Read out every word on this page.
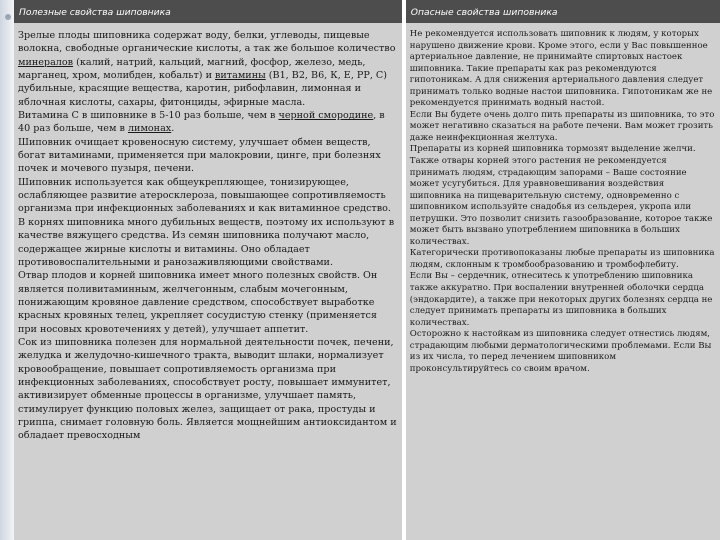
Полезные свойства шиповника	Опасные свойства шиповника
Зрелые плоды шиповника содержат воду, белки, углеводы, пищевые волокна, свободные органические кислоты, а так же большое количество минералов (калий, натрий, кальций, магний, фосфор, железо, медь, марганец, хром, молибден, кобальт) и витамины (В1, В2, В6, К, Е, РР, С) дубильные, красящие вещества, каротин, рибофлавин, лимонная и яблочная кислоты, сахары, фитонциды, эфирные масла.
Витамина С в шиповнике в 5-10 раз больше, чем в черной смородине, в 40 раз больше, чем в лимонах.
Шиповник очищает кровеносную систему, улучшает обмен веществ, богат витаминами, применяется при малокровии, цинге, при болезнях почек и мочевого пузыря, печени.
Шиповник используется как общеукрепляющее, тонизирующее, ослабляющее развитие атеросклероза, повышающее сопротивляемость организма при инфекционных заболеваниях и как витаминное средство.
В корнях шиповника много дубильных веществ, поэтому их используют в качестве вяжущего средства. Из семян шиповника получают масло, содержащее жирные кислоты и витамины. Оно обладает противовоспалительными и ранозаживляющими свойствами.
Отвар плодов и корней шиповника имеет много полезных свойств. Он является поливитаминным, желчегонным, слабым мочегонным, понижающим кровяное давление средством, способствует выработке красных кровяных телец, укрепляет сосудистую стенку (применяется при носовых кровотечениях у детей), улучшает аппетит.
Сок из шиповника полезен для нормальной деятельности почек, печени, желудка и желудочно-кишечного тракта, выводит шлаки, нормализует кровообращение, повышает сопротивляемость организма при инфекционных заболеваниях, способствует росту, повышает иммунитет, активизирует обменные процессы в организме, улучшает память, стимулирует функцию половых желез, защищает от рака, простуды и гриппа, снимает головную боль. Является мощнейшим антиоксидантом и обладает превосходным
Не рекомендуется использовать шиповник к людям, у которых нарушено движение крови. Кроме этого, если у Вас повышенное артериальное давление, не принимайте спиртовых настоек шиповника. Такие препараты как раз рекомендуются гипотоникам. А для снижения артериального давления следует принимать только водные настои шиповника. Гипотоникам же не рекомендуется принимать водный настой.
Если Вы будете очень долго пить препараты из шиповника, то это может негативно сказаться на работе печени. Вам может грозить даже неинфекционная желтуха.
Препараты из корней шиповника тормозят выделение желчи. Также отвары корней этого растения не рекомендуется принимать людям, страдающим запорами – Ваше состояние может усугубиться. Для уравновешивания воздействия шиповника на пищеварительную систему, одновременно с шиповником используйте снадобья из сельдерея, укропа или петрушки. Это позволит снизить газообразование, которое также может быть вызвано употреблением шиповника в больших количествах.
Категорически противопоказаны любые препараты из шиповника людям, склонным к тромбообразованию и тромбофлебиту.
Если Вы – сердечник, отнеситесь к употреблению шиповника также аккуратно. При воспалении внутренней оболочки сердца (эндокардите), а также при некоторых других болезнях сердца не следует принимать препараты из шиповника в больших количествах.
Осторожно к настойкам из шиповника следует отнестись людям, страдающим любыми дерматологическими проблемами. Если Вы из их числа, то перед лечением шиповником проконсультируйтесь со своим врачом.
